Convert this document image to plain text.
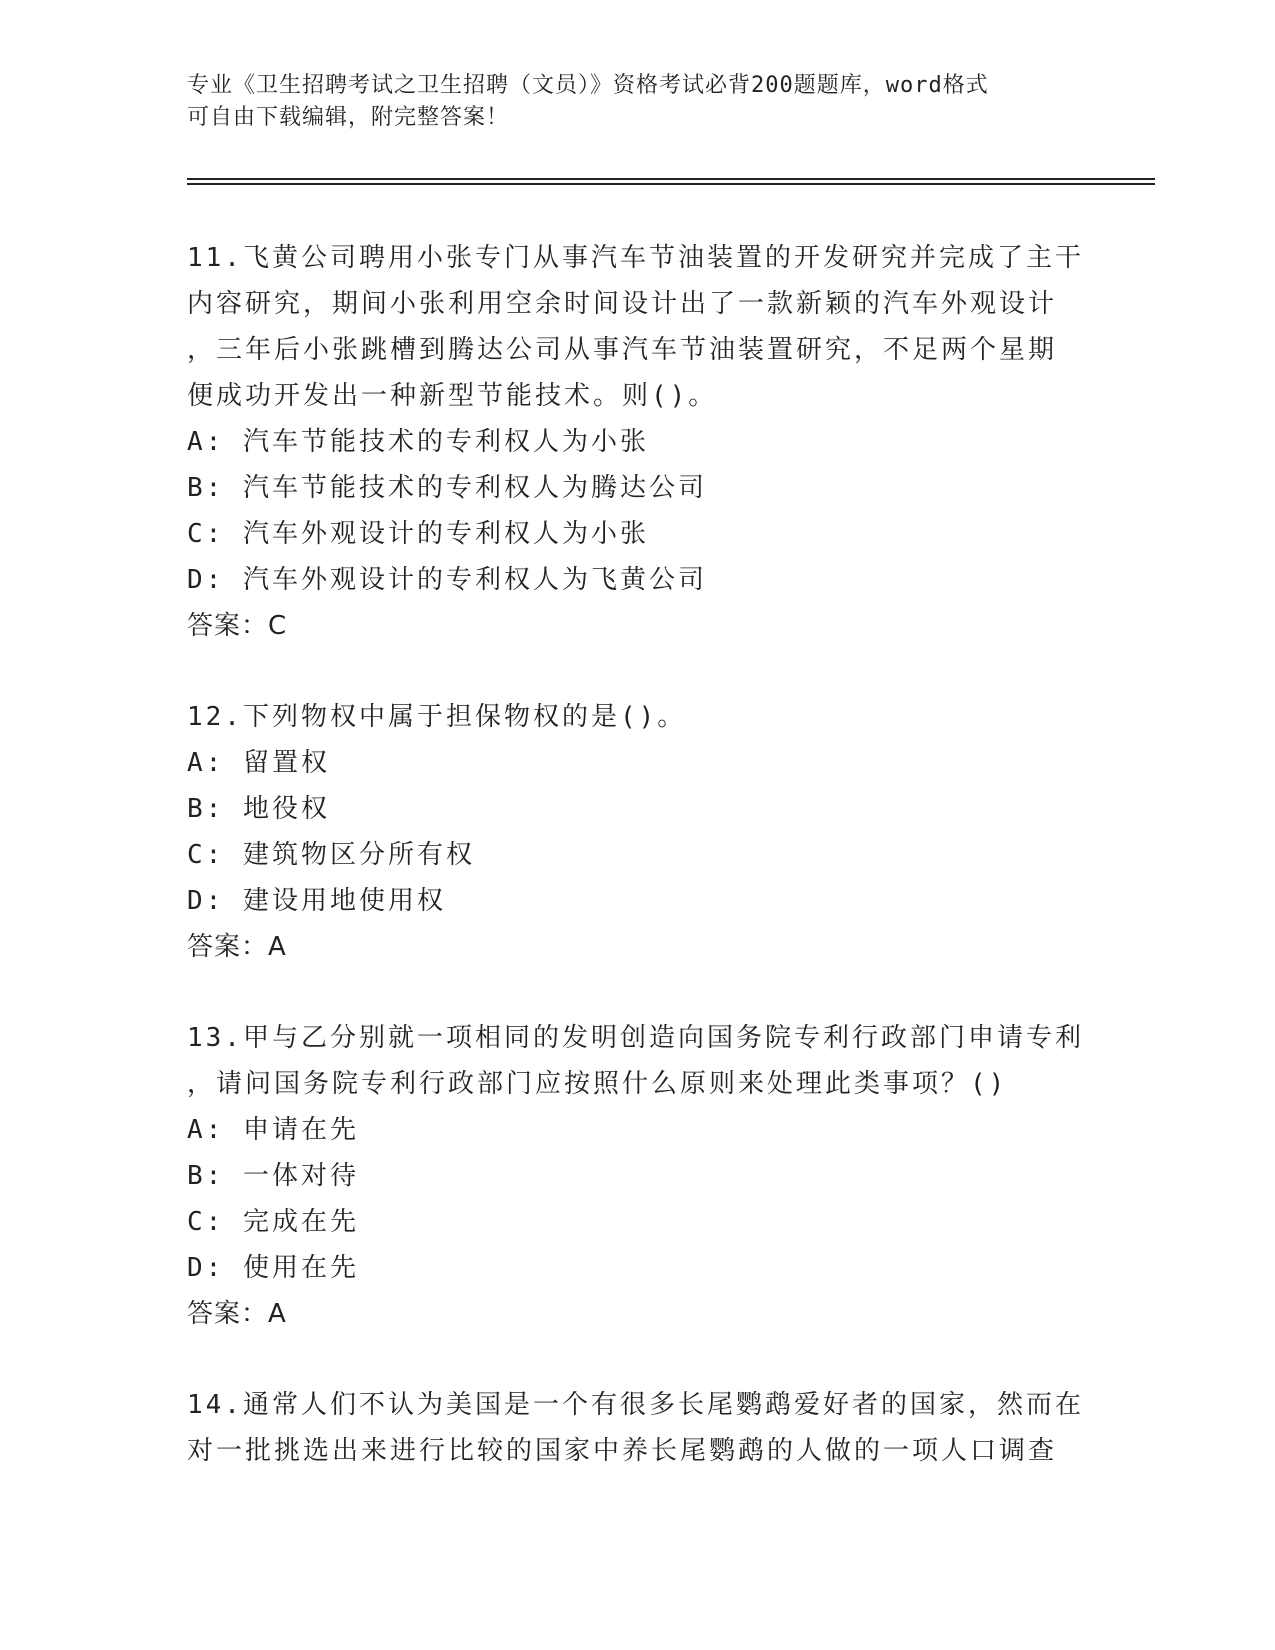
专业《卫生招聘考试之卫生招聘（文员）》资格考试必背200题题库，word格式
可自由下载编辑，附完整答案！
11.飞黄公司聘用小张专门从事汽车节油装置的开发研究并完成了主干
内容研究，期间小张利用空余时间设计出了一款新颖的汽车外观设计
，三年后小张跳槽到腾达公司从事汽车节油装置研究，不足两个星期
便成功开发出一种新型节能技术。则()。
A: 汽车节能技术的专利权人为小张
B: 汽车节能技术的专利权人为腾达公司
C: 汽车外观设计的专利权人为小张
D: 汽车外观设计的专利权人为飞黄公司
答案：C
12.下列物权中属于担保物权的是()。
A: 留置权
B: 地役权
C: 建筑物区分所有权
D: 建设用地使用权
答案：A
13.甲与乙分别就一项相同的发明创造向国务院专利行政部门申请专利
，请问国务院专利行政部门应按照什么原则来处理此类事项？()
A: 申请在先
B: 一体对待
C: 完成在先
D: 使用在先
答案：A
14.通常人们不认为美国是一个有很多长尾鹦鹉爱好者的国家，然而在
对一批挑选出来进行比较的国家中养长尾鹦鹉的人做的一项人口调查
